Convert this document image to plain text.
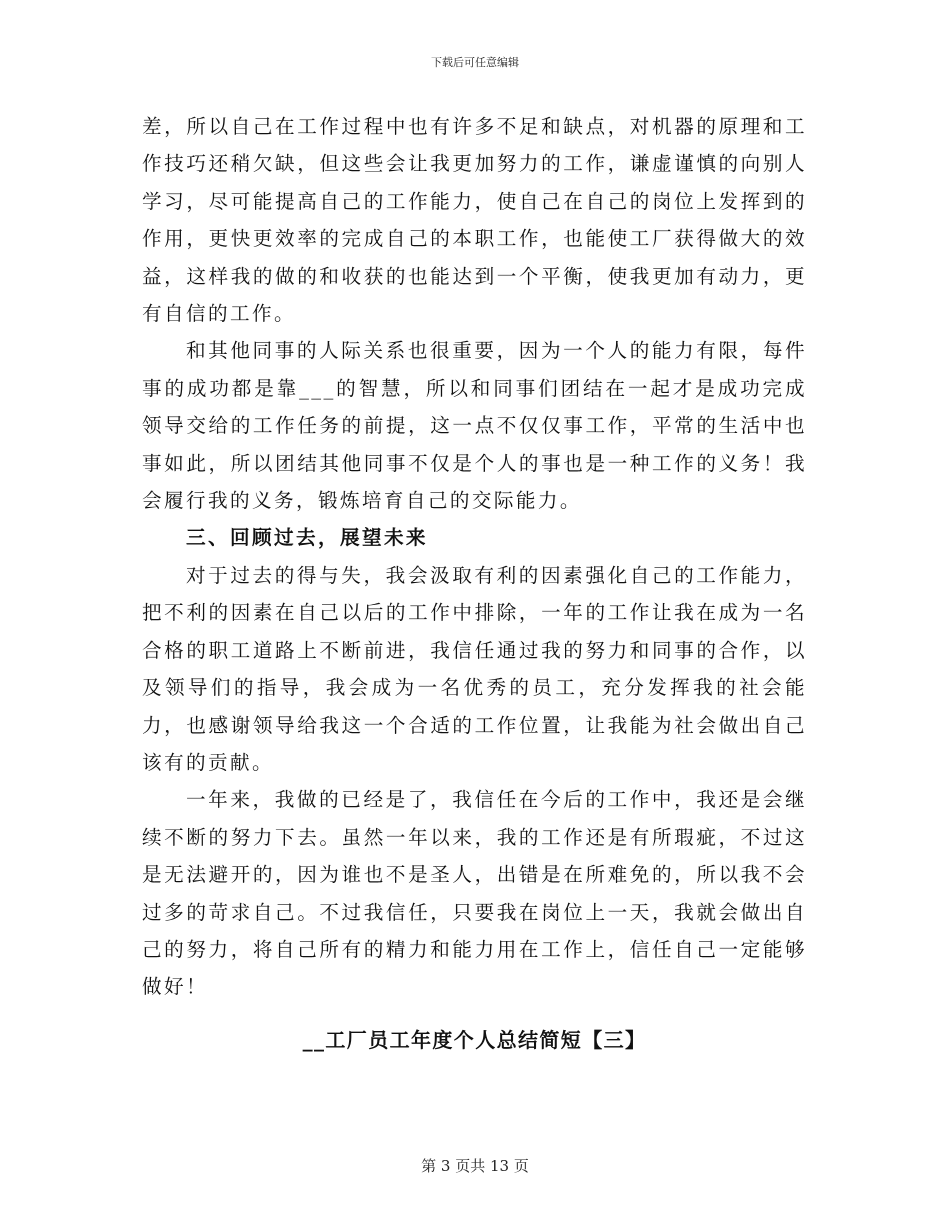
下载后可任意编辑

差，所以自己在工作过程中也有许多不足和缺点，对机器的原理和工作技巧还稍欠缺，但这些会让我更加努力的工作，谦虚谨慎的向别人学习，尽可能提高自己的工作能力，使自己在自己的岗位上发挥到的作用，更快更效率的完成自己的本职工作，也能使工厂获得做大的效益，这样我的做的和收获的也能达到一个平衡，使我更加有动力，更有自信的工作。

和其他同事的人际关系也很重要，因为一个人的能力有限，每件事的成功都是靠___的智慧，所以和同事们团结在一起才是成功完成领导交给的工作任务的前提，这一点不仅仅事工作，平常的生活中也事如此，所以团结其他同事不仅是个人的事也是一种工作的义务！我会履行我的义务，锻炼培育自己的交际能力。

三、回顾过去，展望未来

对于过去的得与失，我会汲取有利的因素强化自己的工作能力，把不利的因素在自己以后的工作中排除，一年的工作让我在成为一名合格的职工道路上不断前进，我信任通过我的努力和同事的合作，以及领导们的指导，我会成为一名优秀的员工，充分发挥我的社会能力，也感谢领导给我这一个合适的工作位置，让我能为社会做出自己该有的贡献。

一年来，我做的已经是了，我信任在今后的工作中，我还是会继续不断的努力下去。虽然一年以来，我的工作还是有所瑕疵，不过这是无法避开的，因为谁也不是圣人，出错是在所难免的，所以我不会过多的苛求自己。不过我信任，只要我在岗位上一天，我就会做出自己的努力，将自己所有的精力和能力用在工作上，信任自己一定能够做好！

__工厂员工年度个人总结简短【三】

第 3 页共 13 页
